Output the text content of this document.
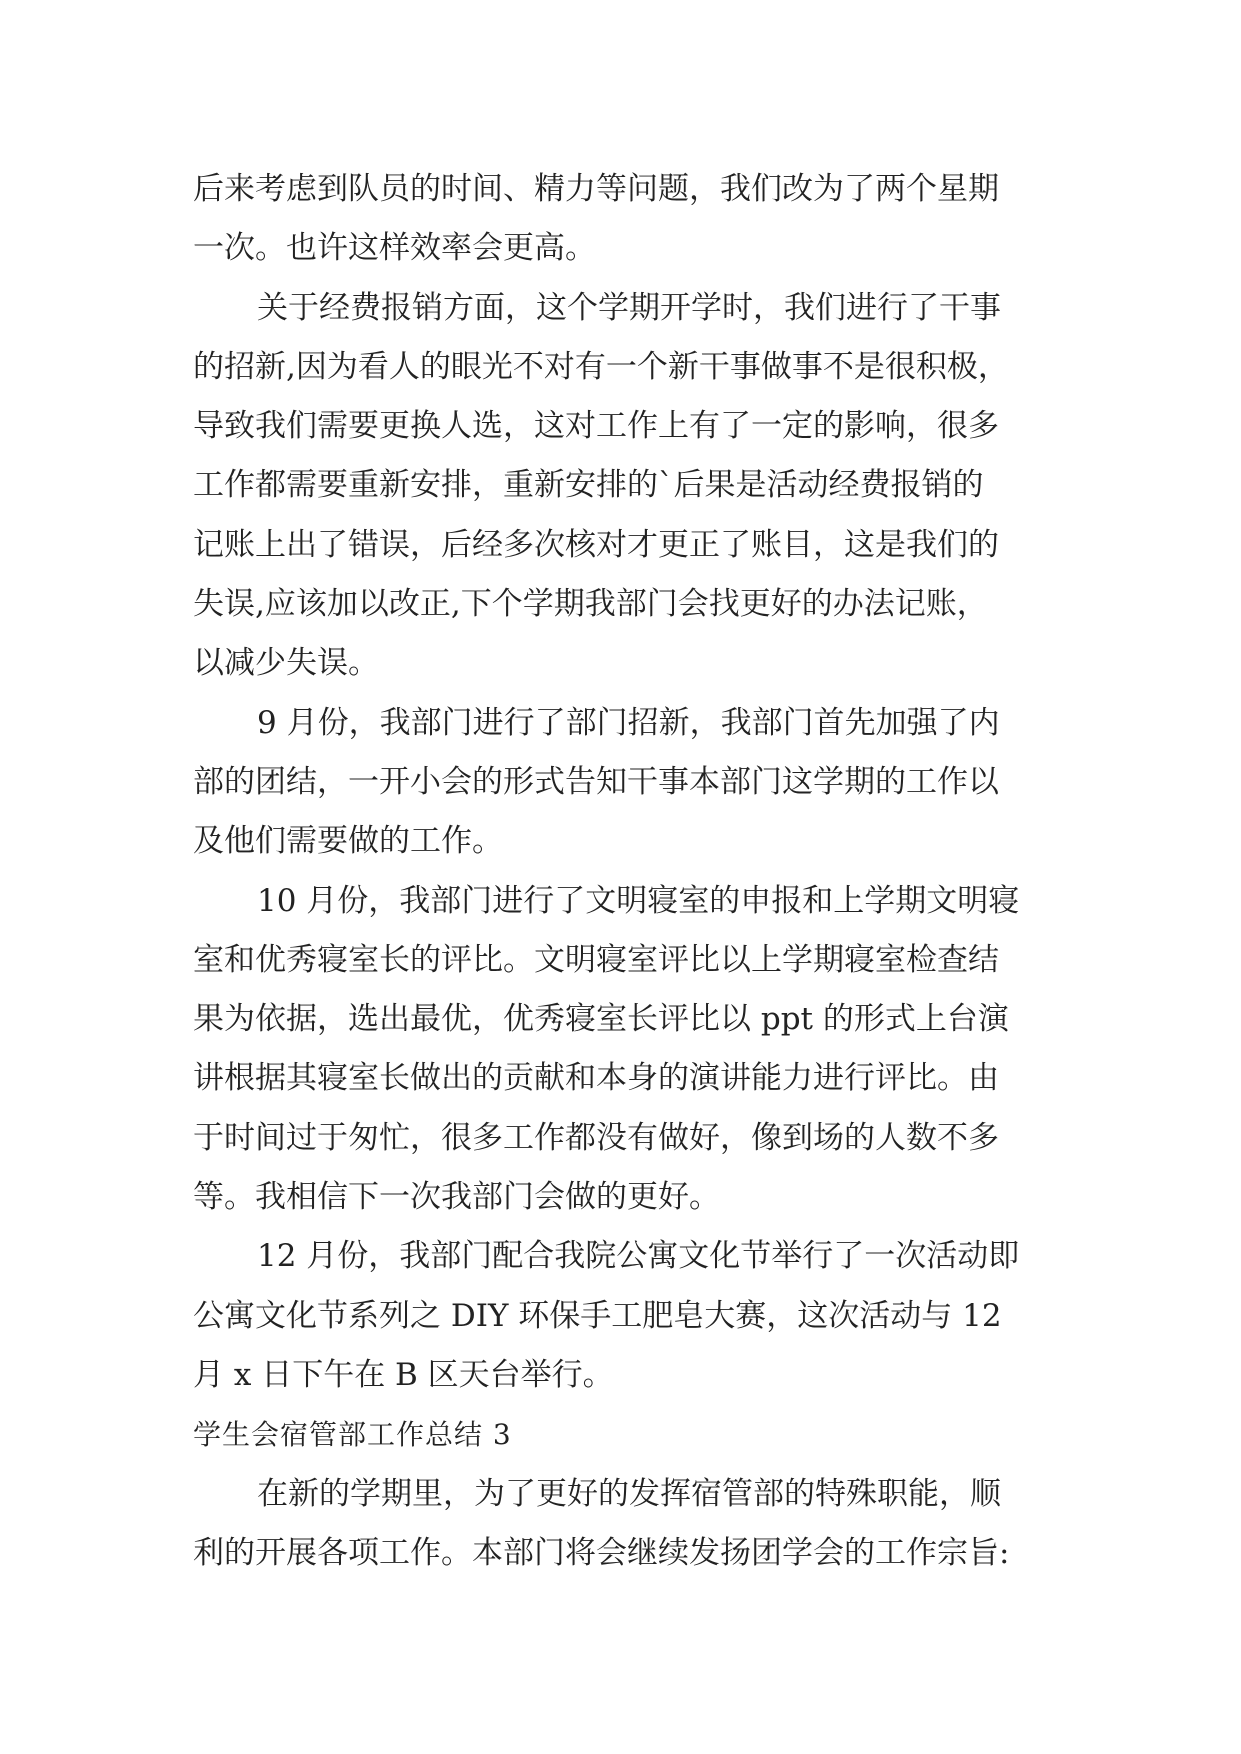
后来考虑到队员的时间、精力等问题，我们改为了两个星期
一次。也许这样效率会更高。
关于经费报销方面，这个学期开学时，我们进行了干事
的招新,因为看人的眼光不对有一个新干事做事不是很积极，
导致我们需要更换人选，这对工作上有了一定的影响，很多
工作都需要重新安排，重新安排的`后果是活动经费报销的
记账上出了错误，后经多次核对才更正了账目，这是我们的
失误,应该加以改正,下个学期我部门会找更好的办法记账，
以减少失误。
9 月份，我部门进行了部门招新，我部门首先加强了内
部的团结，一开小会的形式告知干事本部门这学期的工作以
及他们需要做的工作。
10 月份，我部门进行了文明寝室的申报和上学期文明寝
室和优秀寝室长的评比。文明寝室评比以上学期寝室检查结
果为依据，选出最优，优秀寝室长评比以 ppt 的形式上台演
讲根据其寝室长做出的贡献和本身的演讲能力进行评比。由
于时间过于匆忙，很多工作都没有做好，像到场的人数不多
等。我相信下一次我部门会做的更好。
12 月份，我部门配合我院公寓文化节举行了一次活动即
公寓文化节系列之 DIY 环保手工肥皂大赛，这次活动与 12
月 x 日下午在 B 区天台举行。
学生会宿管部工作总结 3
在新的学期里，为了更好的发挥宿管部的特殊职能，顺
利的开展各项工作。本部门将会继续发扬团学会的工作宗旨:
